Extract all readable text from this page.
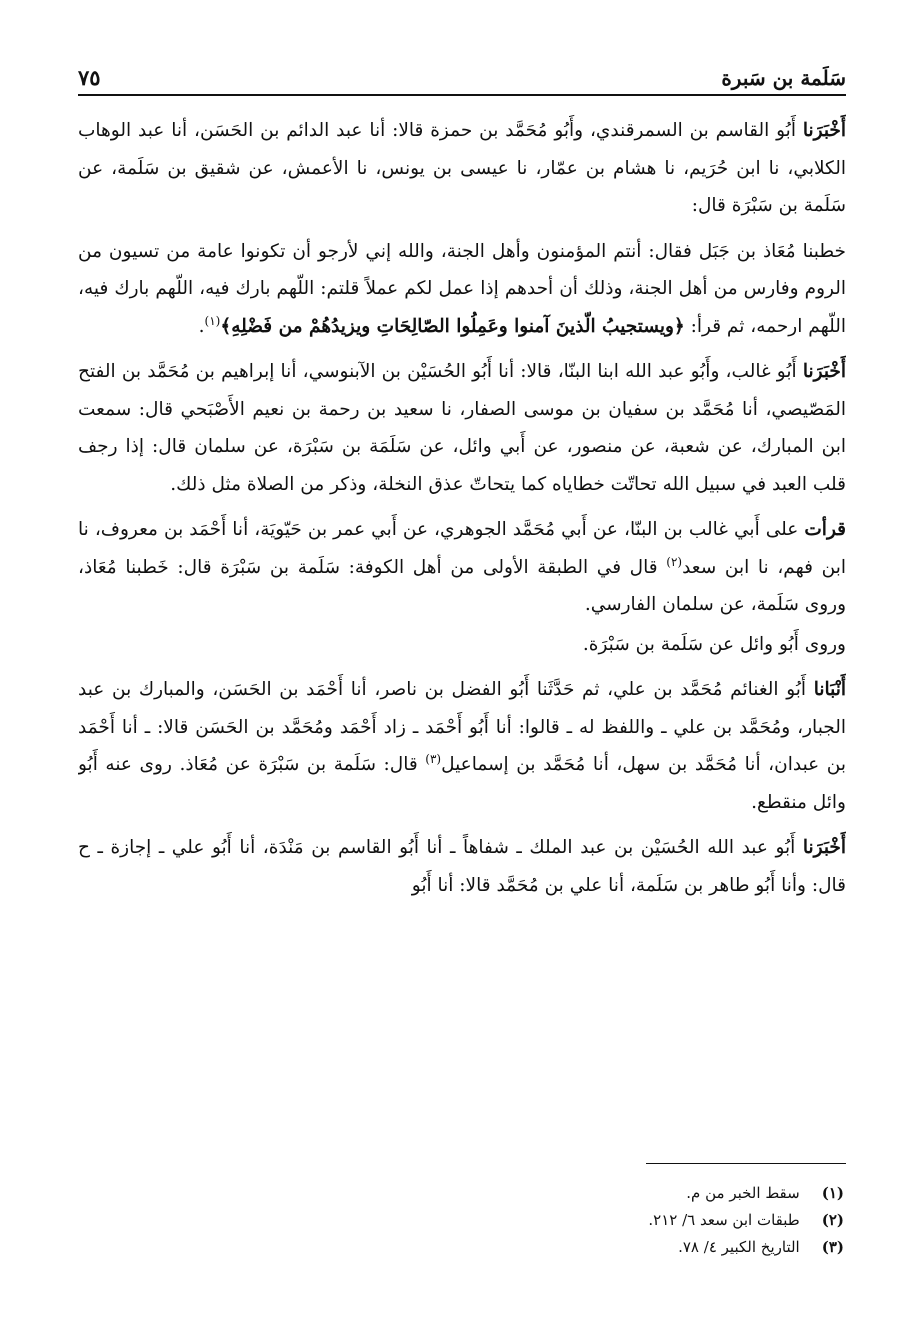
سَلَمة بن سَبرة
٧٥

أَخْبَرَنا أَبُو القاسم بن السمرقندي، وأَبُو مُحَمَّد بن حمزة قالا: أنا عبد الدائم بن الحَسَن، أنا عبد الوهاب الكلابي، نا ابن حُرَيم، نا هشام بن عمّار، نا عيسى بن يونس، نا الأعمش، عن شقيق بن سَلَمة، عن سَلَمة بن سَبْرَة قال:

خطبنا مُعَاذ بن جَبَل فقال: أنتم المؤمنون وأهل الجنة، والله إني لأرجو أن تكونوا عامة من تسيون من الروم وفارس من أهل الجنة، وذلك أن أحدهم إذا عمل لكم عملاً قلتم: اللّهم بارك فيه، اللّهم بارك فيه، اللّهم ارحمه، ثم قرأ: ﴿ويستجيبُ الّذينَ آمنوا وعَمِلُوا الصّالِحَاتِ ويزيدُهُمْ من فَضْلِهِ﴾$^{(١)}$.

أَخْبَرَنا أَبُو غالب، وأَبُو عبد الله ابنا البنّا، قالا: أنا أَبُو الحُسَيْن بن الآبنوسي، أنا إبراهيم بن مُحَمَّد بن الفتح المَصّيصي، أنا مُحَمَّد بن سفيان بن موسى الصفار، نا سعيد بن رحمة بن نعيم الأَصْبَحي قال: سمعت ابن المبارك، عن شعبة، عن منصور، عن أَبي وائل، عن سَلَمَة بن سَبْرَة، عن سلمان قال: إذا رجف قلب العبد في سبيل الله تحاتّت خطاياه كما يتحاتّ عذق النخلة، وذكر من الصلاة مثل ذلك.

قرأت على أَبي غالب بن البنّا، عن أَبي مُحَمَّد الجوهري، عن أَبي عمر بن حَيّويَة، أنا أَحْمَد بن معروف، نا ابن فهم، نا ابن سعد$^{(٢)}$ قال في الطبقة الأولى من أهل الكوفة: سَلَمة بن سَبْرَة قال: خَطبنا مُعَاذ، وروى سَلَمة، عن سلمان الفارسي.

وروى أَبُو وائل عن سَلَمة بن سَبْرَة.

أَنْبَانا أَبُو الغنائم مُحَمَّد بن علي، ثم حَدَّثَنا أَبُو الفضل بن ناصر، أنا أَحْمَد بن الحَسَن، والمبارك بن عبد الجبار، ومُحَمَّد بن علي ـ واللفظ له ـ قالوا: أنا أَبُو أَحْمَد ـ زاد أَحْمَد ومُحَمَّد بن الحَسَن قالا: ـ أنا أَحْمَد بن عبدان، أنا مُحَمَّد بن سهل، أنا مُحَمَّد بن إسماعيل$^{(٣)}$ قال: سَلَمة بن سَبْرَة عن مُعَاذ. روى عنه أَبُو وائل منقطع.

أَخْبَرَنا أَبُو عبد الله الحُسَيْن بن عبد الملك ـ شفاهاً ـ أنا أَبُو القاسم بن مَنْدَة، أنا أَبُو علي ـ إجازة ـ ح قال: وأنا أَبُو طاهر بن سَلَمة، أنا علي بن مُحَمَّد قالا: أنا أَبُو

(١)
سقط الخبر من م.
(٢)
طبقات ابن سعد ٦/ ٢١٢.
(٣)
التاريخ الكبير ٤/ ٧٨.
